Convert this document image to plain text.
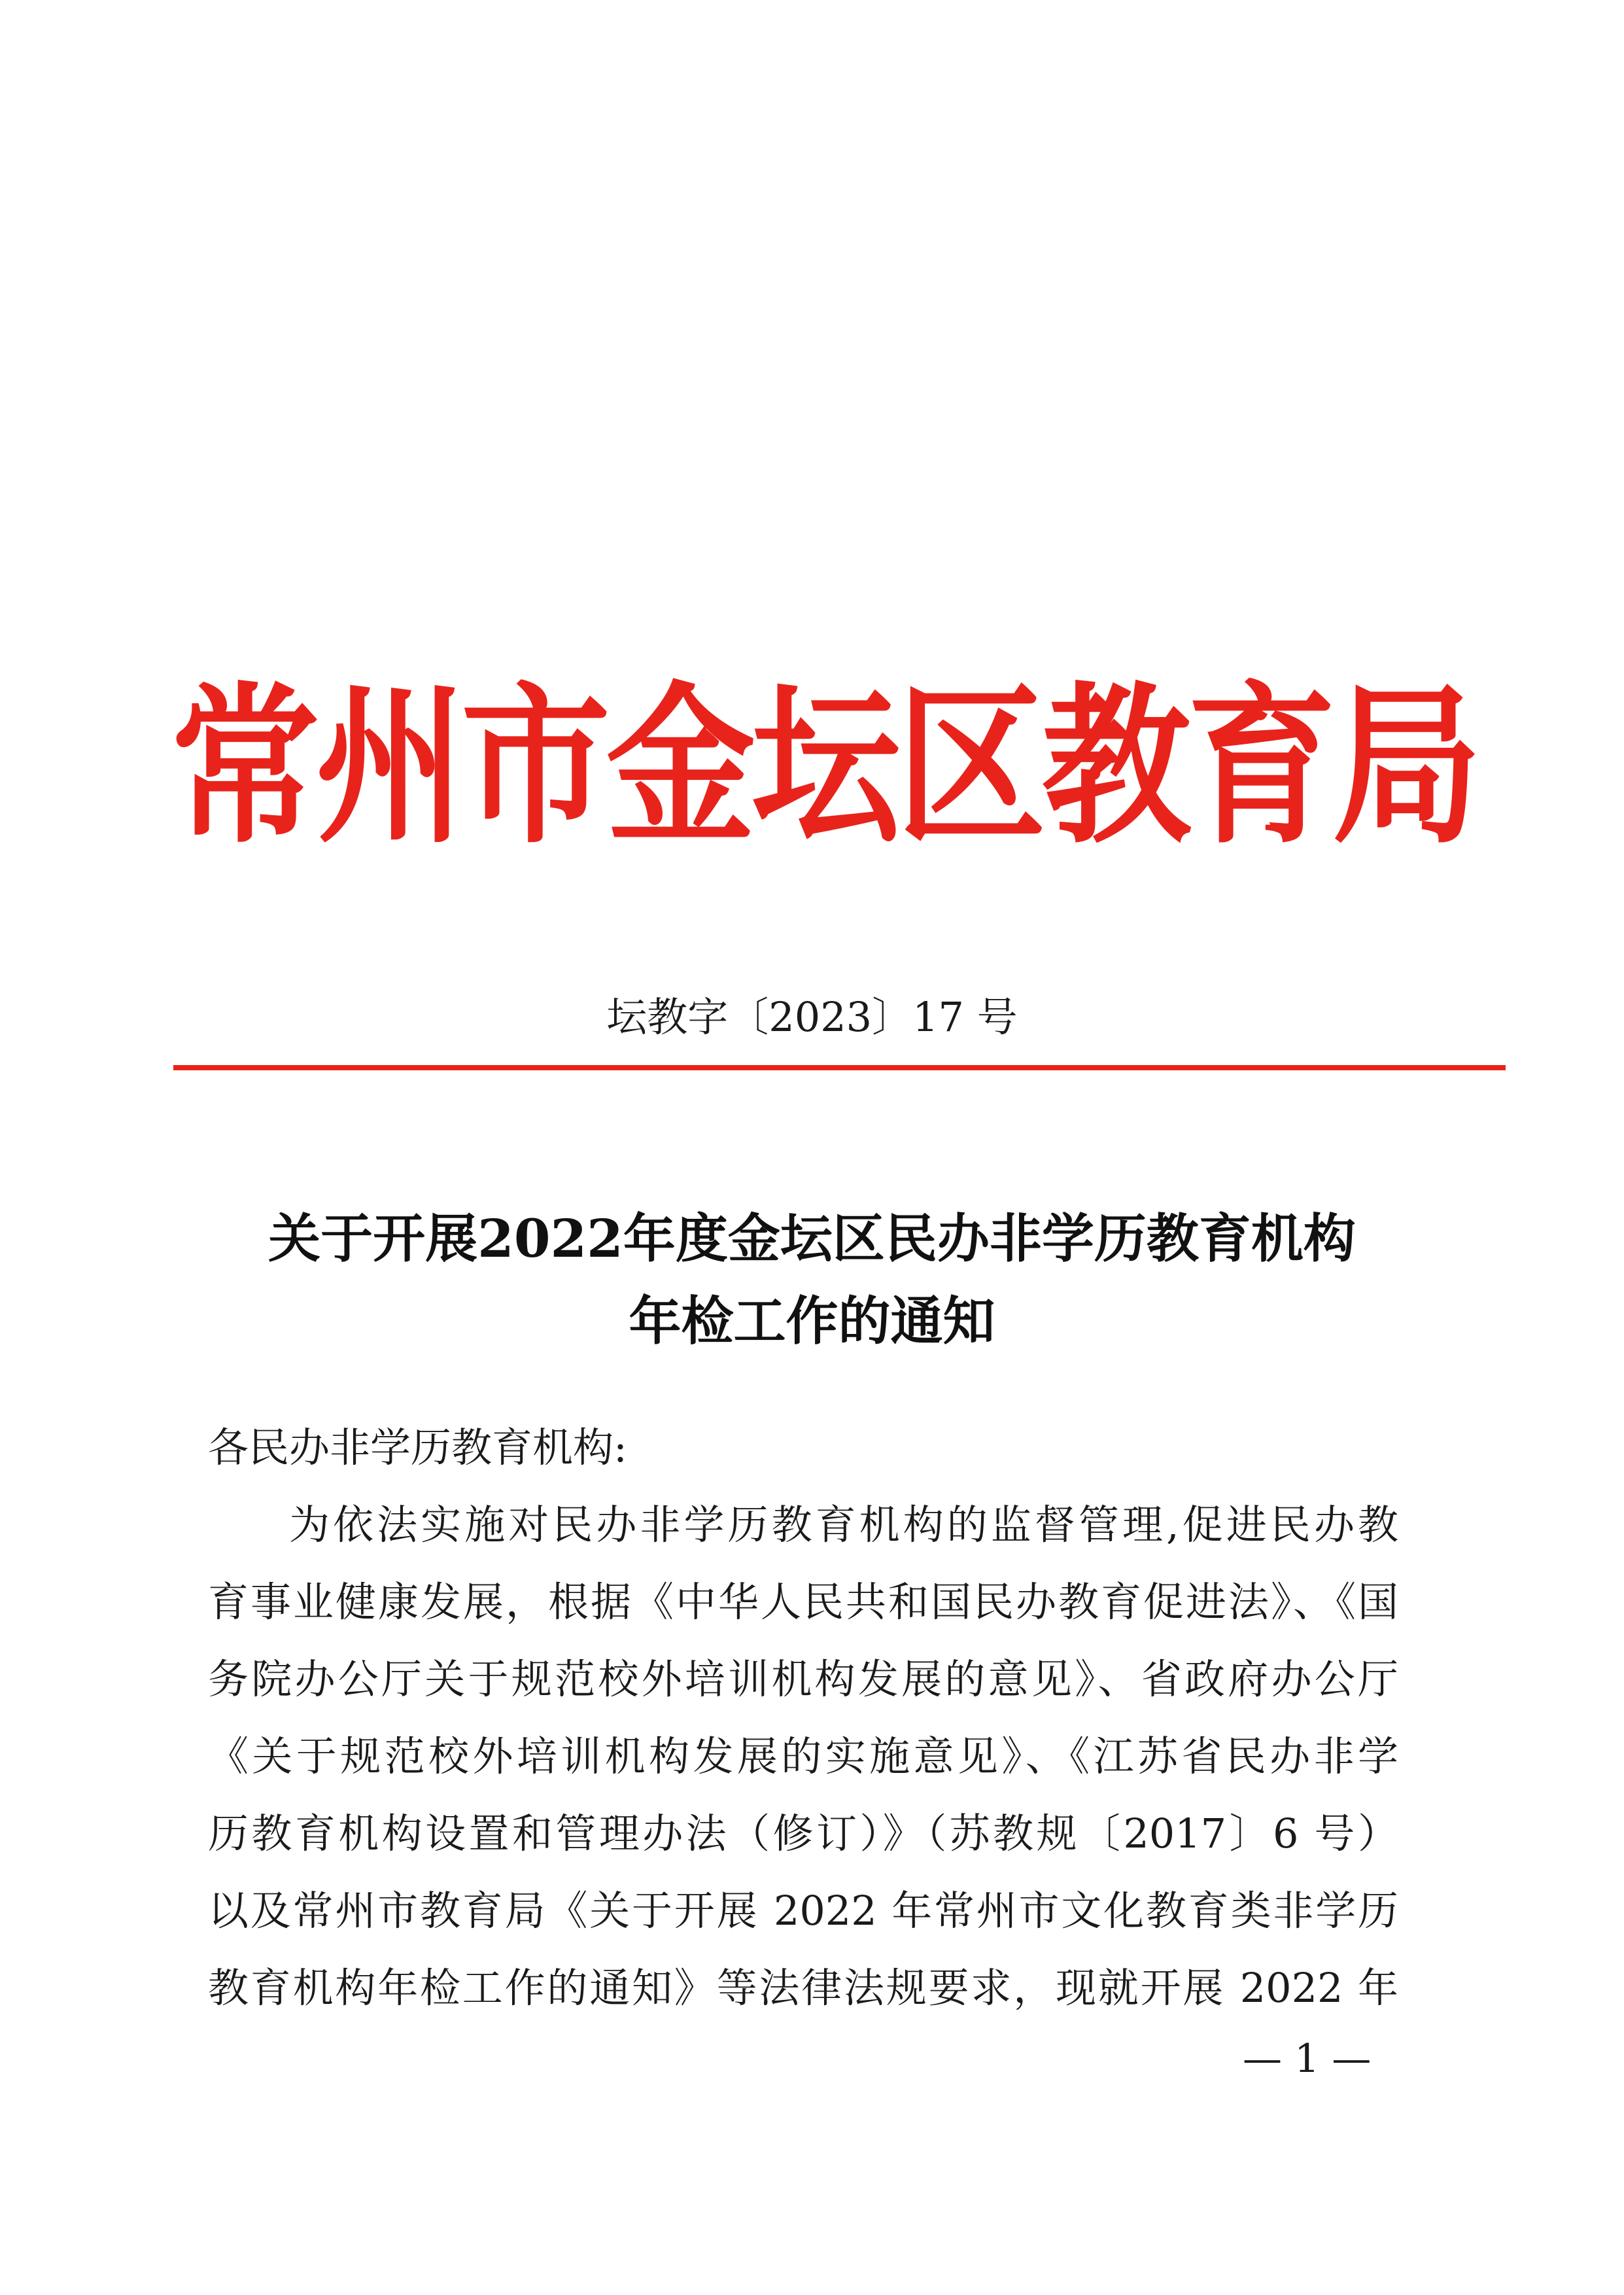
常州市金坛区教育局
坛教字〔2023〕17 号
关于开展2022年度金坛区民办非学历教育机构
年检工作的通知
各民办非学历教育机构:
为依法实施对民办非学历教育机构的监督管理,促进民办教
育事业健康发展，根据《中华人民共和国民办教育促进法》、《国
务院办公厅关于规范校外培训机构发展的意见》、省政府办公厅
《关于规范校外培训机构发展的实施意见》、《江苏省民办非学
历教育机构设置和管理办法（修订）》（苏教规〔2017〕6 号）
以及常州市教育局《关于开展 2022 年常州市文化教育类非学历
教育机构年检工作的通知》等法律法规要求，现就开展 2022 年
— 1 —
